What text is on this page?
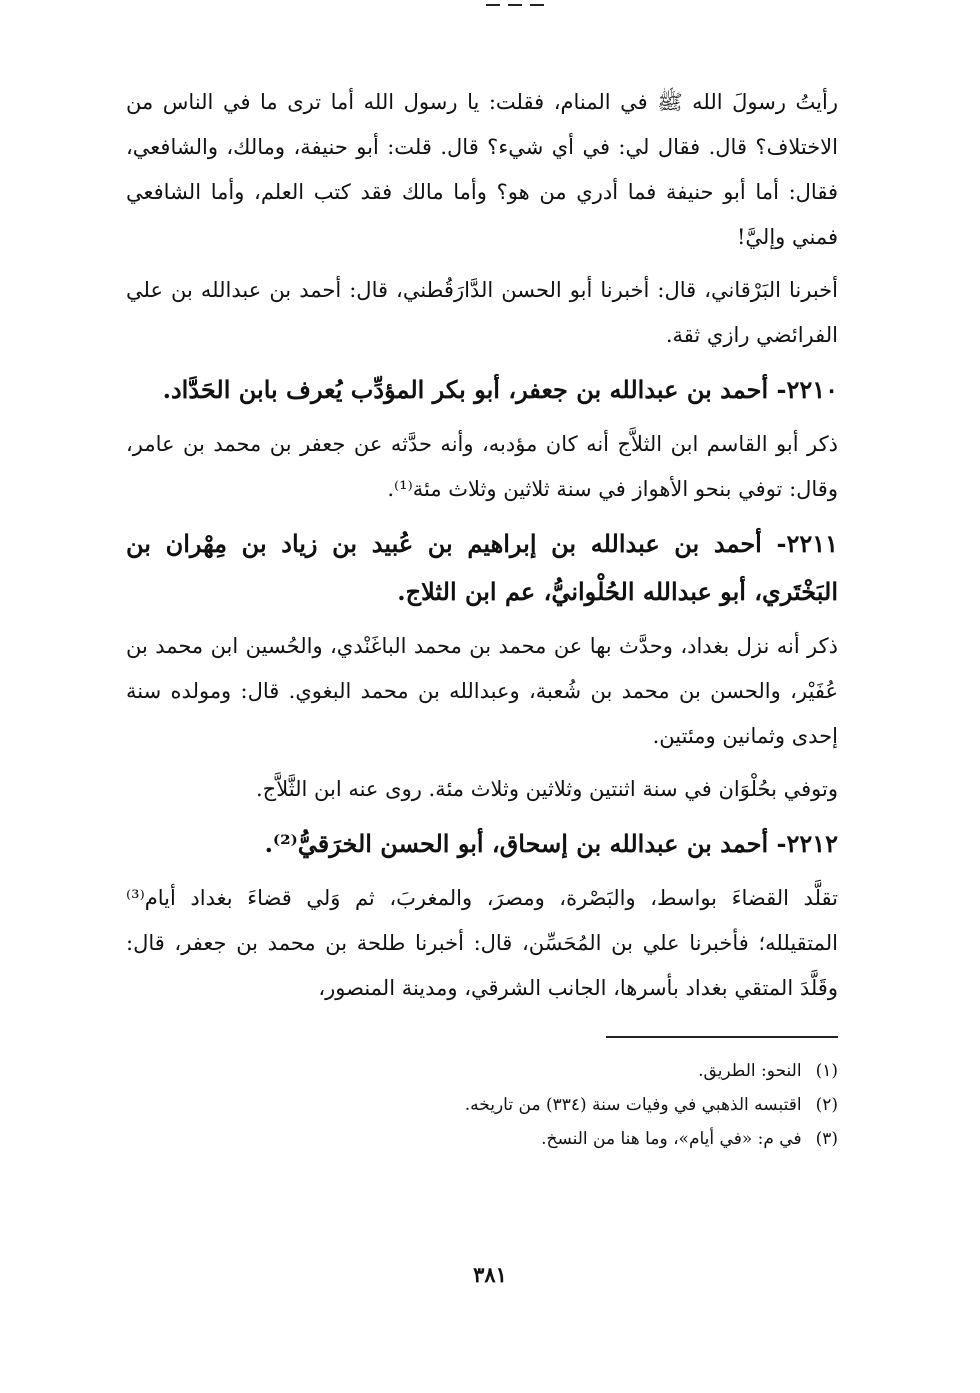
رأيتُ رسولَ الله ﷺ في المنام، فقلت: يا رسول الله أما ترى ما في الناس من الاختلاف؟ قال. فقال لي: في أي شيء؟ قال. قلت: أبو حنيفة، ومالك، والشافعي، فقال: أما أبو حنيفة فما أدري من هو؟ وأما مالك فقد كتب العلم، وأما الشافعي فمني وإليَّ!

أخبرنا البَرْقاني، قال: أخبرنا أبو الحسن الدَّارَقُطني، قال: أحمد بن عبدالله بن علي الفرائضي رازي ثقة.

٢٢١٠- أحمد بن عبدالله بن جعفر، أبو بكر المؤدِّب يُعرف بابن الحَدَّاد.

ذكر أبو القاسم ابن الثلاَّج أنه كان مؤدبه، وأنه حدَّثه عن جعفر بن محمد بن عامر، وقال: توفي بنحو الأهواز في سنة ثلاثين وثلاث مئة⁽¹⁾.

٢٢١١- أحمد بن عبدالله بن إبراهيم بن عُبيد بن زياد بن مِهْران بن البَخْتَري، أبو عبدالله الحُلْوانيُّ، عم ابن الثلاج.

ذكر أنه نزل بغداد، وحدَّث بها عن محمد بن محمد الباغَنْدي، والحُسين ابن محمد بن عُفَيْر، والحسن بن محمد بن شُعبة، وعبدالله بن محمد البغوي. قال: ومولده سنة إحدى وثمانين ومئتين.

وتوفي بحُلْوَان في سنة اثنتين وثلاثين وثلاث مئة. روى عنه ابن الثَّلاَّج.

٢٢١٢- أحمد بن عبدالله بن إسحاق، أبو الحسن الخرَقيُّ⁽²⁾.

تقلَّد القضاءَ بواسط، والبَصْرة، ومصرَ، والمغربَ، ثم وَلي قضاءَ بغداد أيام⁽³⁾ المتقيلله؛ فأخبرنا علي بن المُحَسِّن، قال: أخبرنا طلحة بن محمد بن جعفر، قال: وقَلَّدَ المتقي بغداد بأسرها، الجانب الشرقي، ومدينة المنصور،

(١)النحو: الطريق.

(٢)اقتبسه الذهبي في وفيات سنة (٣٣٤) من تاريخه.

(٣)في م: «في أيام»، وما هنا من النسخ.

٣٨١
